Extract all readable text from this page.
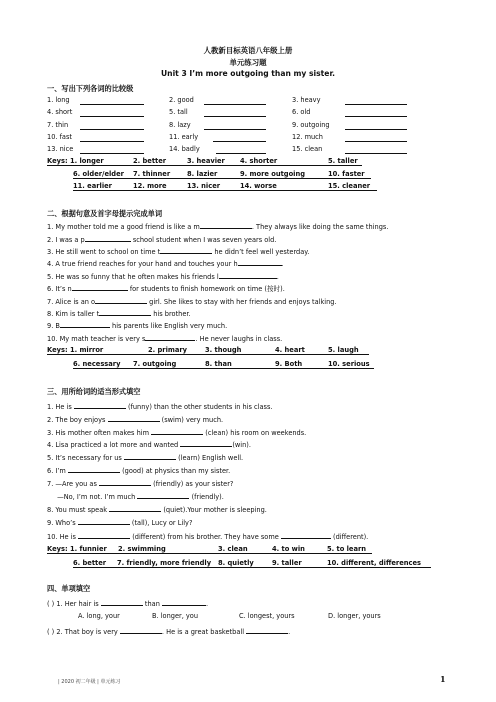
人教新目标英语八年级上册
单元练习题
Unit 3 I’m more outgoing than my sister.
一、写出下列各词的比较级
1. long	2. good	3. heavy
4. short	5. tall	6. old
7. thin	8. lazy	9. outgoing
10. fast	11. early	12. much
13. nice	14. badly	15. clean
Keys: 1. longer	2. better	3. heavier 4. shorter	5. taller
6. older/elder 7. thinner	8. lazier	9. more outgoing	10. faster
11. earlier	12. more	13. nicer	14. worse	15. cleaner
二、根据句意及首字母提示完成单词
1. My mother told me a good friend is like a m	. They always like doing the same things.
2. I was a p	school student when I was seven years old.
3. He still went to school on time t	he didn’t feel well yesterday.
4. A true friend reaches for your hand and touches your h	.
5. He was so funny that he often makes his friends l	.
6. It’s n	for students to finish homework on time (按时).
7. Alice is an o	girl. She likes to stay with her friends and enjoys talking.
8. Kim is taller t	his brother.
9. B	his parents like English very much.
10. My math teacher is very s	. He never laughs in class.
Keys: 1. mirror	2. primary	3. though	4. heart	5. laugh
6. necessary 7. outgoing	8. than	9. Both	10. serious
三、用所给词的适当形式填空
1. He is	(funny) than the other students in his class.
2. The boy enjoys	(swim) very much.
3. His mother often makes him	(clean) his room on weekends.
4. Lisa practiced a lot more and wanted	(win).
5. It’s necessary for us	(learn) English well.
6. I’m	(good) at physics than my sister.
7. —Are you as	(friendly) as your sister?
—No, I’m not. I’m much	(friendly).
8. You must speak	(quiet).Your mother is sleeping.
9. Who’s	(tall), Lucy or Lily?
10. He is	(different) from his brother. They have some	(different).
Keys: 1. funnier 2. swimming	3. clean	4. to win	5. to learn
6. better 7. friendly, more friendly 8. quietly	9. taller	10. different, differences
四、单项填空
( ) 1. Her hair is	than	.
A. long, your	B. longer, you	C. longest, yours	D. longer, yours
( ) 2. That boy is very	. He is a great basketball	.
| 2020 初二年级 | 单元练习	1
